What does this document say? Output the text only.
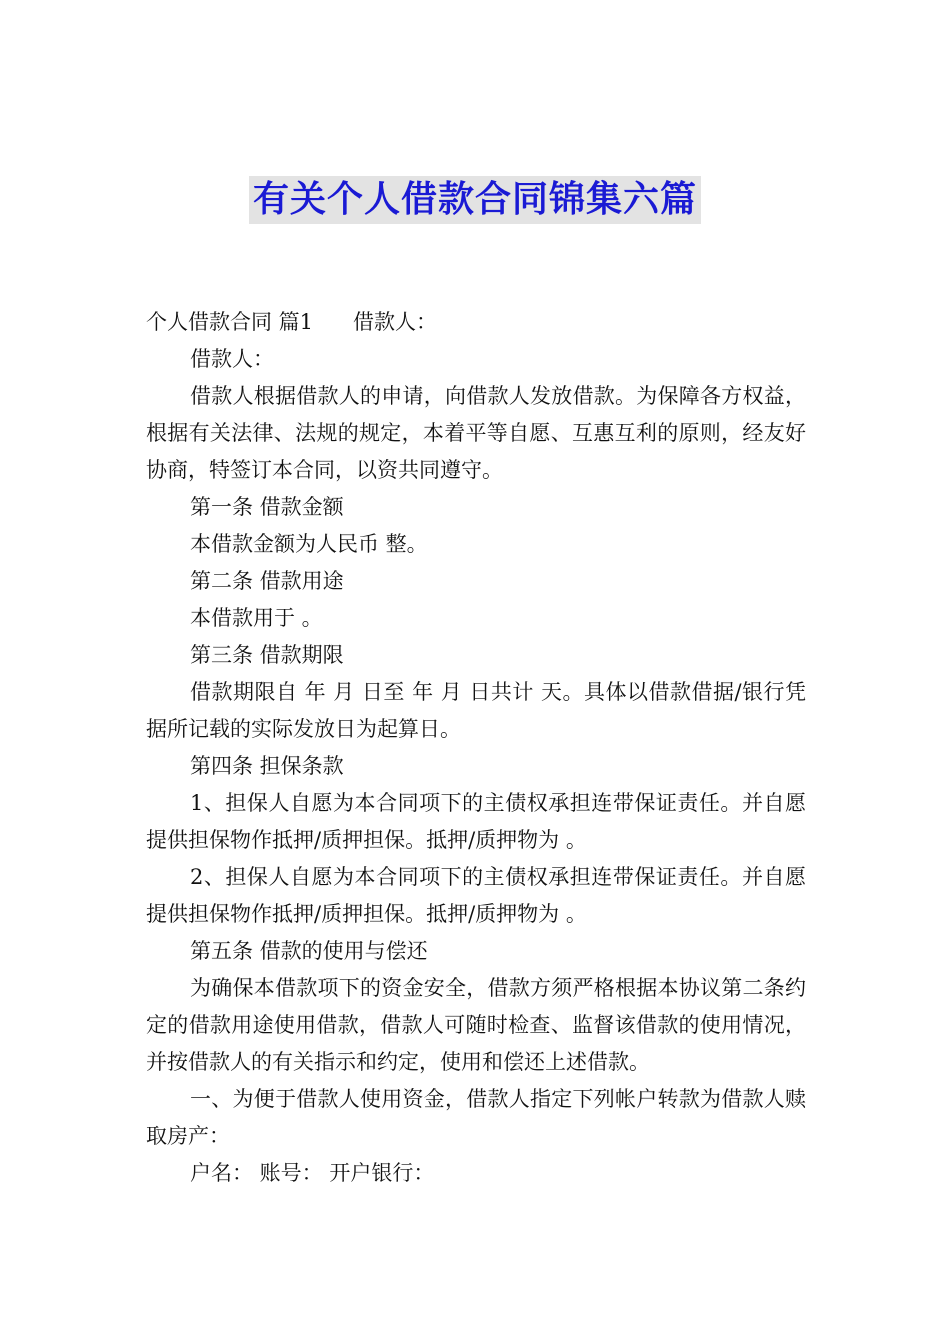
有关个人借款合同锦集六篇

个人借款合同 篇1 借款人：

借款人：

借款人根据借款人的申请，向借款人发放借款。为保障各方权益，根据有关法律、法规的规定，本着平等自愿、互惠互利的原则，经友好协商，特签订本合同，以资共同遵守。

第一条 借款金额

本借款金额为人民币 整。

第二条 借款用途

本借款用于 。

第三条 借款期限

借款期限自 年 月 日至 年 月 日共计 天。具体以借款借据/银行凭据所记载的实际发放日为起算日。

第四条 担保条款

1、担保人自愿为本合同项下的主债权承担连带保证责任。并自愿提供担保物作抵押/质押担保。抵押/质押物为 。

2、担保人自愿为本合同项下的主债权承担连带保证责任。并自愿提供担保物作抵押/质押担保。抵押/质押物为 。

第五条 借款的使用与偿还

为确保本借款项下的资金安全，借款方须严格根据本协议第二条约定的借款用途使用借款，借款人可随时检查、监督该借款的使用情况，并按借款人的有关指示和约定，使用和偿还上述借款。

一、为便于借款人使用资金，借款人指定下列帐户转款为借款人赎取房产：

户名： 账号： 开户银行：
